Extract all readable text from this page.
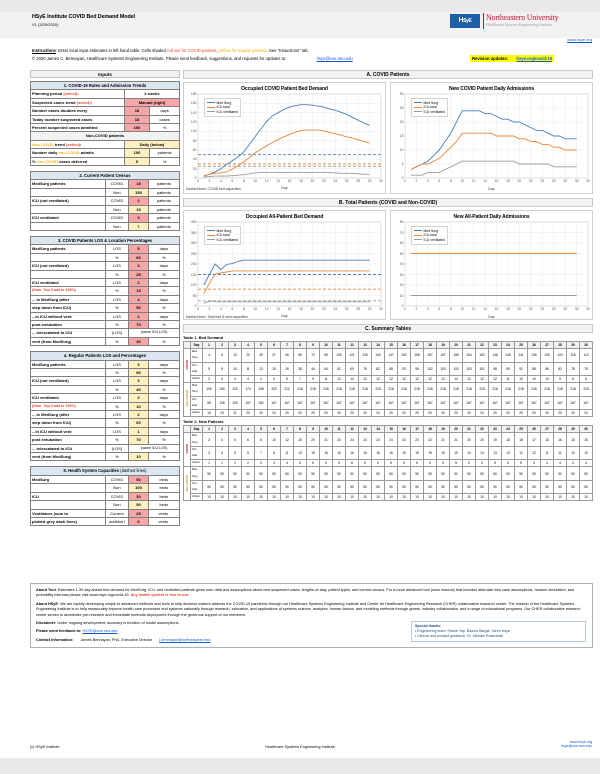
HSyE Institute COVID Bed Demand Model
V1 (3/29/2020)
HSyE	Northeastern University
Healthcare Systems Engineering Institute
www.hsye.org
Instructions: Enter local input estimates in left hand table. Cells shaded red are for COVID patients, yellow for regular patients. See "Instuctions" tab.
© 2020 James C. Bennayan, Healthcare Systems Engineering Institute. Please send feedback, suggestions, and requests for updates to:	hsye@coe.neu.edu	Revision updates: hsye.org/covid-19
Inputs
1. COVID-19 Rates and Admission Trends		
Planning period (select):	4 weeks	
Suspected cases trend (select):	Manual (right)	
Number cases doubles every	18	days
Today number suspected cases	18	cases
Percent suspected cases admitted	100	%
Non-COVID patients		
Non-COVID trend (select):	Daily (below)	
Number daily non-COVID admits	100	patients
% non-COVID cases deferred	0	%
2. Current Patient Census			
MedSurg patients	COVID	18	patients
	Non	150	patients
ICU (not ventilated)	COVID	2	patients
	Non	15	patients
ICU ventilated	COVID	3	patients
	Non	7	patients
3. COVID Patients LOS & Location Percentages			
MedSurg patients	LOS	5	days
	%	60	%
ICU (not ventilated)	LOS	3	days
	%	25	%
ICU ventilated	LOS	2	days
(Note: Top 3 add to 100%)	%	15	%
... in MedSurg (after	LOS	3	days
step down from ICU)	%	50	%
...in ICU without vent	LOS	2	days
post-extubation	%	70	%
... in/escalated to ICU	(LOS)	(same ICU LOS)	
vent (from MedSurg)	%	30	%
4. Regular Patients LOS and Percentages			
MedSurg patients	LOS	3	days
	%	50	%
ICU (not ventilated)	LOS	3	days
	%	40	%
ICU ventilated	LOS	2	days
(Note: Top 3 add to 100%)	%	10	%
... in MedSurg (after	LOS	2	days
step down from ICU)	%	60	%
...in ICU without vent	LOS	1	days
post extubation	%	70	%
... in/escalated to ICU	(LOS)	(same ICU LOS)	
vent (from MedSurg)	%	10	%
5. Health System Capacities (dashed lines)			
MedSurg	COVID	50	beds
	Non	100	beds
ICU	COVID	30	beds
	Non	50	beds
Ventilators (sum to	Current	25	vents.
plotted grey dash lines)	addition'l	0	vents.
A. COVID Patients
Occupied COVID Patient Bed Demand
0
20
40
60
80
100
120
140
160
180
0	2	4	6	8	10 12 14 16 18 20 22 24 26 28 30 32
Med Surg
ICU total
ICU ventilated
Dashed lines: COVID bed capacities	Day
New COVID Patient Daily Admissions
0
5
10
15
20
25
30
0	2	4	6	8	10 12 14 16 18 20 22 24 26 28 30 32
Med Surg
ICU total
ICU ventilated
Day
B. Total Patients (COVID and Non-COVID)
Occupied All-Patient Bed Demand
0
50
100
150
200
250
300
350
400
0	2	4	6	8	10 12 14 16 18 20 22 24 26 28 30 32
Med Surg
ICU total
ICU ventilated
Dashed lines: Total bed & vent capacities	Day
New All-Patient Daily Admissions
0
10
20
30
40
50
60
70
80
0	2	4	6	8	10 12 14 16 18 20 22 24 26 28 30 32
Med Surg
ICU total
ICU ventilated
Day
C. Summary Tables
Table 1. Bed Demand
	Day	1	2	3	4	5	6	7	8	9	10	11	12	13	14	15	16	17	18	19	20	21	22	23	24	25	26	27	28	29	30
COVID	Med Surg	4	8	13	20	29	37	45	56	72	89	105	121	133	140	147	152	155	157	157	156	154	152	148	145	141	136	130	124	118	113
	ICU total	5	8	10	11	13	19	26	35	44	54	62	69	76	82	88	93	98	102	103	103	103	101	98	95	92	88	86	82	78	75
	w/Vent	2	3	4	4	4	5	6	7	9	11	12	12	12	12	12	12	12	12	12	12	12	12	12	11	10	10	10	9	8	8
Non-COVID	Med Surg	100	150	200	174	198	202	212	218	218	218	218	218	218	218	218	218	218	218	218	218	218	218	218	218	218	218	218	218	218	218
	ICU total	58	108	153	157	162	167	167	167	167	167	167	167	167	167	167	167	167	167	167	167	167	167	167	167	167	167	167	167	167	167
	w/Vent	13	23	21	20	20	20	20	20	20	20	20	20	20	20	20	20	20	20	20	20	20	20	20	20	20	20	20	20	20	20
Table 2. New Patients
	Day	1	2	3	4	5	6	7	8	9	10	11	12	13	14	15	16	17	18	19	20	21	22	23	24	25	26	27	28	29	30
COVID	Med Surg	3	4	5	6	8	10	12	15	20	21	23	24	24	24	24	23	23	22	21	21	20	20	19	18	18	17	16	16	15	15
	ICU total	3	4	5	5	7	8	11	13	15	16	16	16	16	16	16	15	15	15	15	15	14	14	13	13	12	12	11	11	10	10
	w/Vent	1	1	2	2	3	3	4	5	6	6	6	6	6	6	6	6	6	6	6	5	5	5	5	5	5	5	4	4	4	4
Non-COVID	Med Surg	50	50	50	50	50	50	50	50	50	50	50	50	50	50	50	50	50	50	50	50	50	50	50	50	50	50	50	50	50	50
	ICU total	50	50	50	50	50	50	50	50	50	50	50	50	50	50	50	50	50	50	50	50	50	50	50	50	50	50	50	50	50	50
	w/Vent	10	10	10	10	10	10	10	10	10	10	10	10	10	10	10	10	10	10	10	10	10	10	10	10	10	10	10	10	10	10
About Tool: Estimates 1-30 day ahead bed demand for MedSurg, ICU, and ventilated patients given user data and assumptions about new suspected cases, lengths-of-stay, patient types, and current census. For a more advanced tool (uses macros) that includes alternate new case assumptions, random simulation, and probability intervals please visit www.hsye.org/covid-19. Any health system is free to use.
About HSyE: We are rapidly developing simple to advanced methods and tools to help decision makers address the COVID-19 pandemic through our Healthcare Systems Engineering Institute and Center for Healthcare Engineering Research (CHER) collaborative research center. The mission of the Healthcare Systems Engineering Institute is to help measurably improve health care processes and systems nationally through research, education, and applications of systems science, analytics, human factors, and modeling methods through grants, industry collaboration, and a range of educational programs. Our CHER collaborative research center serves to accelerate pre-research and immediate methods deployment through the generous support of our members.
Disclaimer: Under ongoing development; accuracy is function of model assumptions.
Please send feedback to: HSYE@coe.neu.edu
Contact Information: James Bennayan, PhD, Executive Director j.bennayan@northeastern.edu
Special thanks:
• Engineering team: Shane Yap, Basma Bargal, Yaren Kaya
• Clinical and concept guidance: Dr. Michael Rosenblatt
(c) HSyE Institute	Healthcare Systems Engineering Institute
www.hsye.org
hsye@coe.neu.edu
